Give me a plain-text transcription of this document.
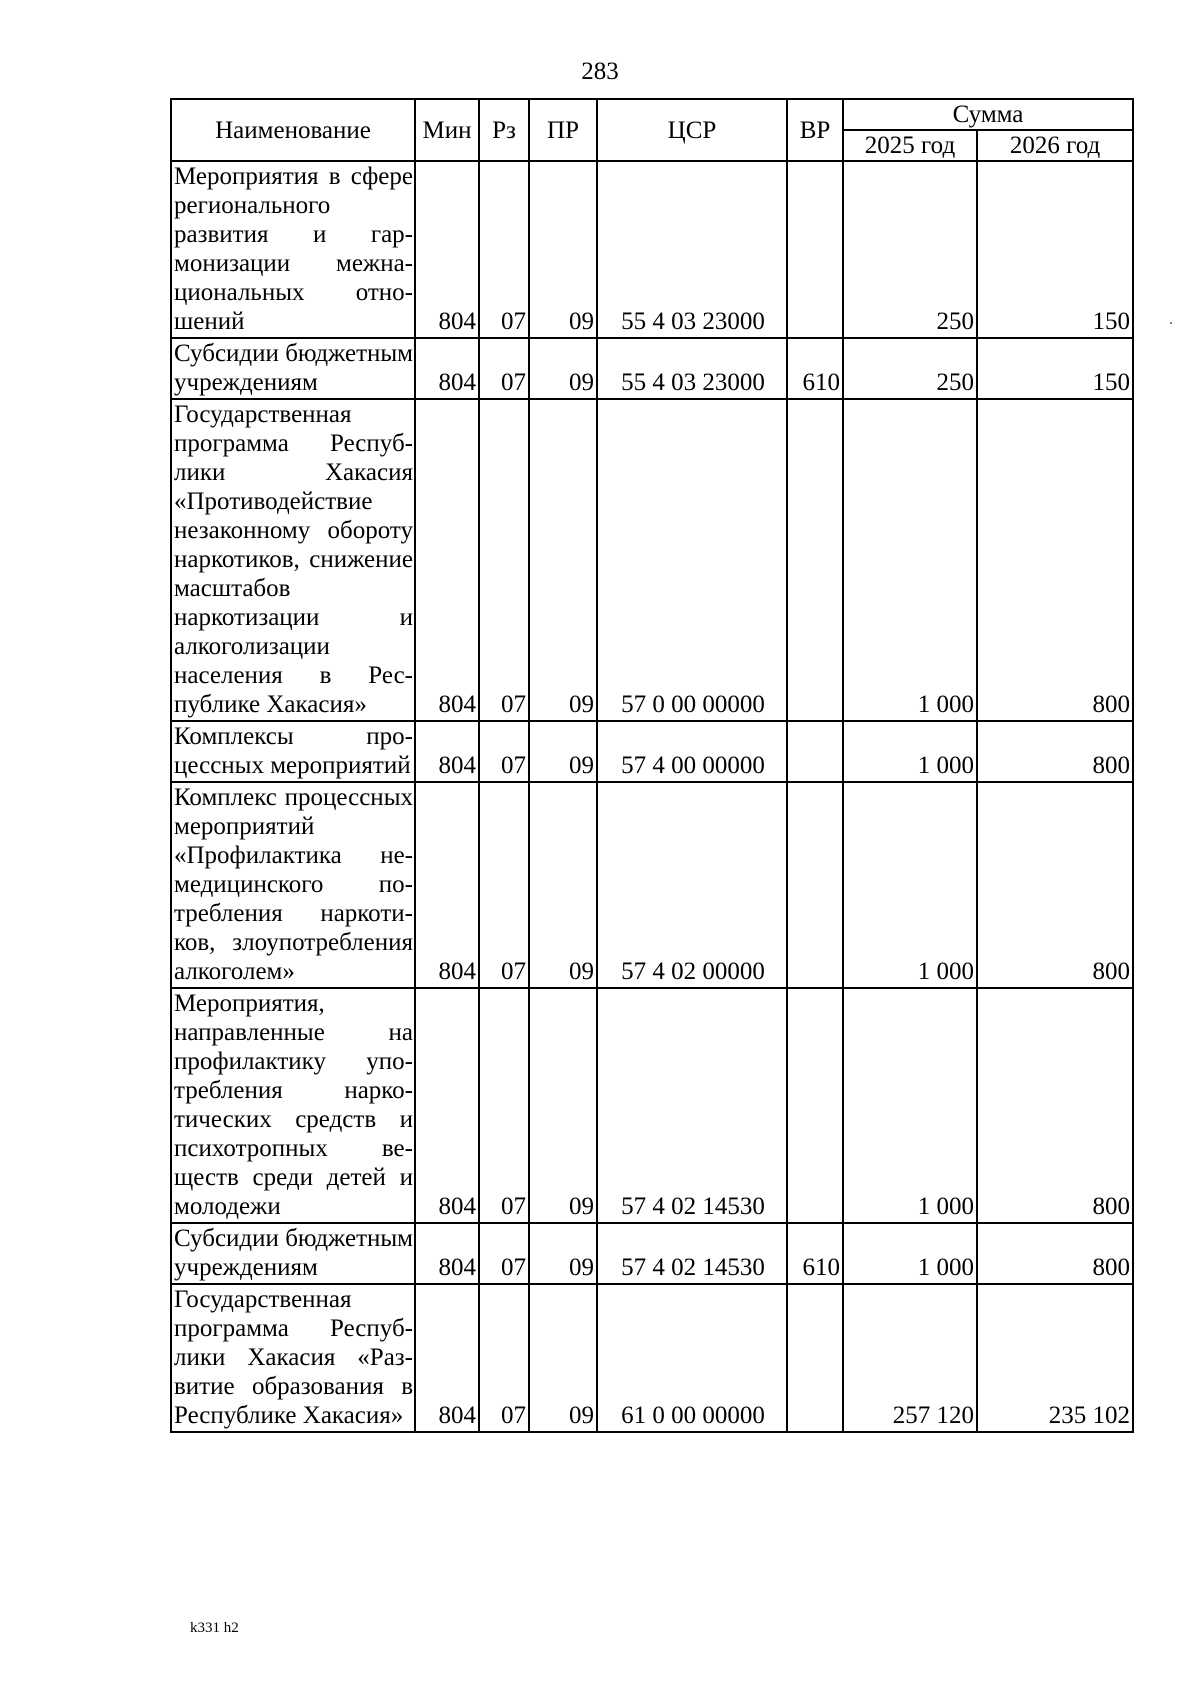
283
Наименование	Мин	Рз	ПР	ЦСР	ВР	Сумма	
						2025 год	2026 год
Мероприятия в сфере регионального развития и гармонизации межнациональных отношений	804	07	09	55 4 03 23000		250	150
Субсидии бюджетным учреждениям	804	07	09	55 4 03 23000	610	250	150
Государственная программа Республики Хакасия «Противодействие незаконному обороту наркотиков, снижение масштабов наркотизации и алкоголизации населения в Республике Хакасия»	804	07	09	57 0 00 00000		1 000	800
Комплексы процессных мероприятий	804	07	09	57 4 00 00000		1 000	800
Комплекс процессных мероприятий «Профилактика немедицинского потребления наркотиков, злоупотребления алкоголем»	804	07	09	57 4 02 00000		1 000	800
Мероприятия, направленные на профилактику употребления наркотических средств и психотропных веществ среди детей и молодежи	804	07	09	57 4 02 14530		1 000	800
Субсидии бюджетным учреждениям	804	07	09	57 4 02 14530	610	1 000	800
Государственная программа Республики Хакасия «Развитие образования в Республике Хакасия»	804	07	09	61 0 00 00000		257 120	235 102
k331 h2
